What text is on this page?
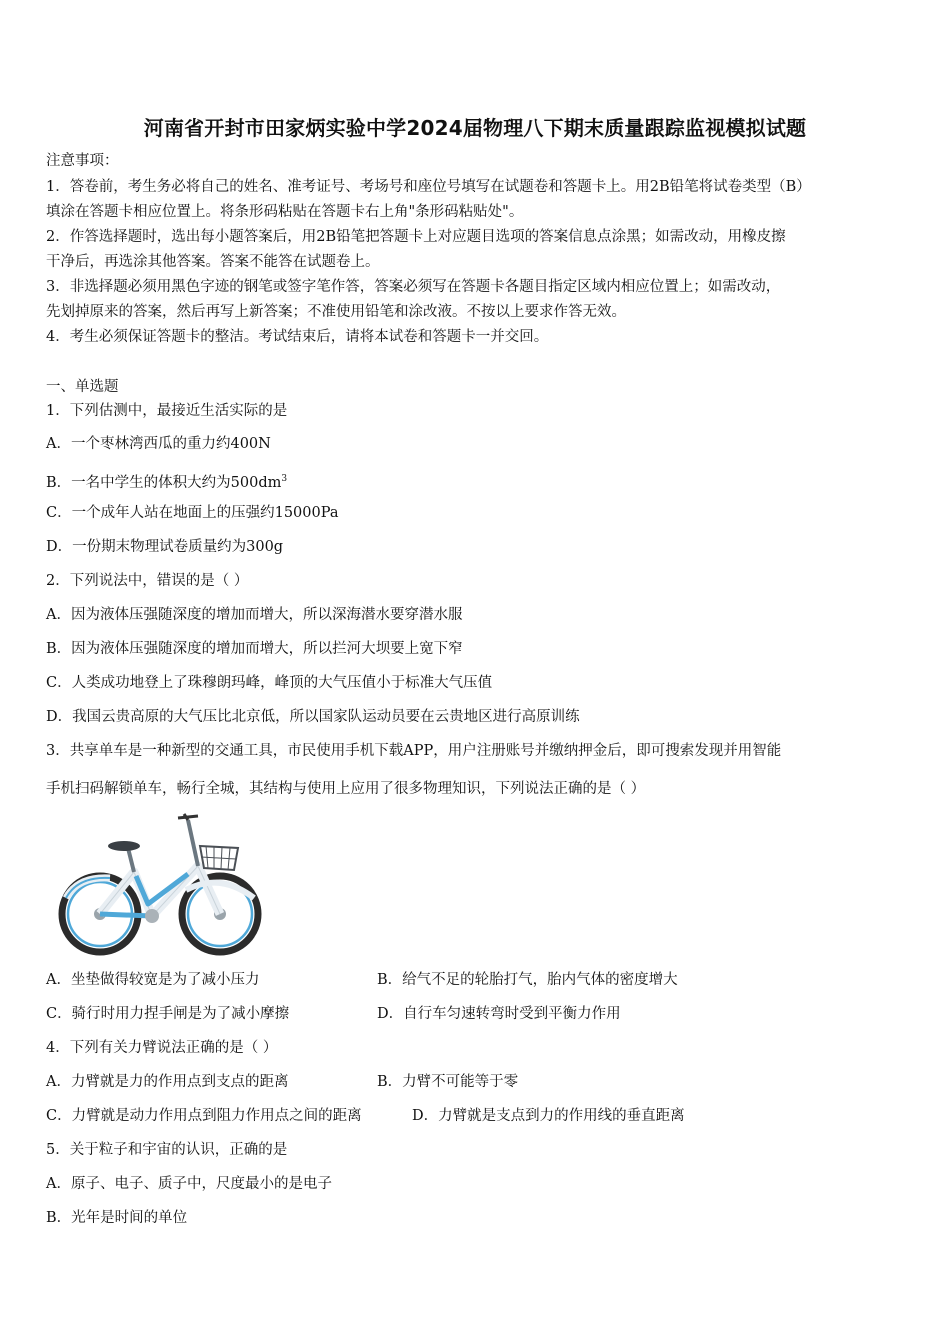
河南省开封市田家炳实验中学2024届物理八下期末质量跟踪监视模拟试题
注意事项：
1．答卷前，考生务必将自己的姓名、准考证号、考场号和座位号填写在试题卷和答题卡上。用2B铅笔将试卷类型（B）
填涂在答题卡相应位置上。将条形码粘贴在答题卡右上角"条形码粘贴处"。
2．作答选择题时，选出每小题答案后，用2B铅笔把答题卡上对应题目选项的答案信息点涂黑；如需改动，用橡皮擦
干净后，再选涂其他答案。答案不能答在试题卷上。
3．非选择题必须用黑色字迹的钢笔或签字笔作答，答案必须写在答题卡各题目指定区域内相应位置上；如需改动，
先划掉原来的答案，然后再写上新答案；不准使用铅笔和涂改液。不按以上要求作答无效。
4．考生必须保证答题卡的整洁。考试结束后，请将本试卷和答题卡一并交回。
一、单选题
1．下列估测中，最接近生活实际的是
A．一个枣林湾西瓜的重力约400N
B．一名中学生的体积大约为$500dm^3$
C．一个成年人站在地面上的压强约15000Pa
D．一份期末物理试卷质量约为300g
2．下列说法中，错误的是（ ）
A．因为液体压强随深度的增加而增大，所以深海潜水要穿潜水服
B．因为液体压强随深度的增加而增大，所以拦河大坝要上宽下窄
C．人类成功地登上了珠穆朗玛峰，峰顶的大气压值小于标准大气压值
D．我国云贵高原的大气压比北京低，所以国家队运动员要在云贵地区进行高原训练
3．共享单车是一种新型的交通工具，市民使用手机下载APP，用户注册账号并缴纳押金后，即可搜索发现并用智能
手机扫码解锁单车，畅行全城，其结构与使用上应用了很多物理知识，下列说法正确的是（ ）
A．坐垫做得较宽是为了减小压力	B．给气不足的轮胎打气，胎内气体的密度增大
C．骑行时用力捏手闸是为了减小摩擦	D．自行车匀速转弯时受到平衡力作用
4．下列有关力臂说法正确的是（ ）
A．力臂就是力的作用点到支点的距离	B．力臂不可能等于零
C．力臂就是动力作用点到阻力作用点之间的距离	D．力臂就是支点到力的作用线的垂直距离
5．关于粒子和宇宙的认识，正确的是
A．原子、电子、质子中，尺度最小的是电子
B．光年是时间的单位
